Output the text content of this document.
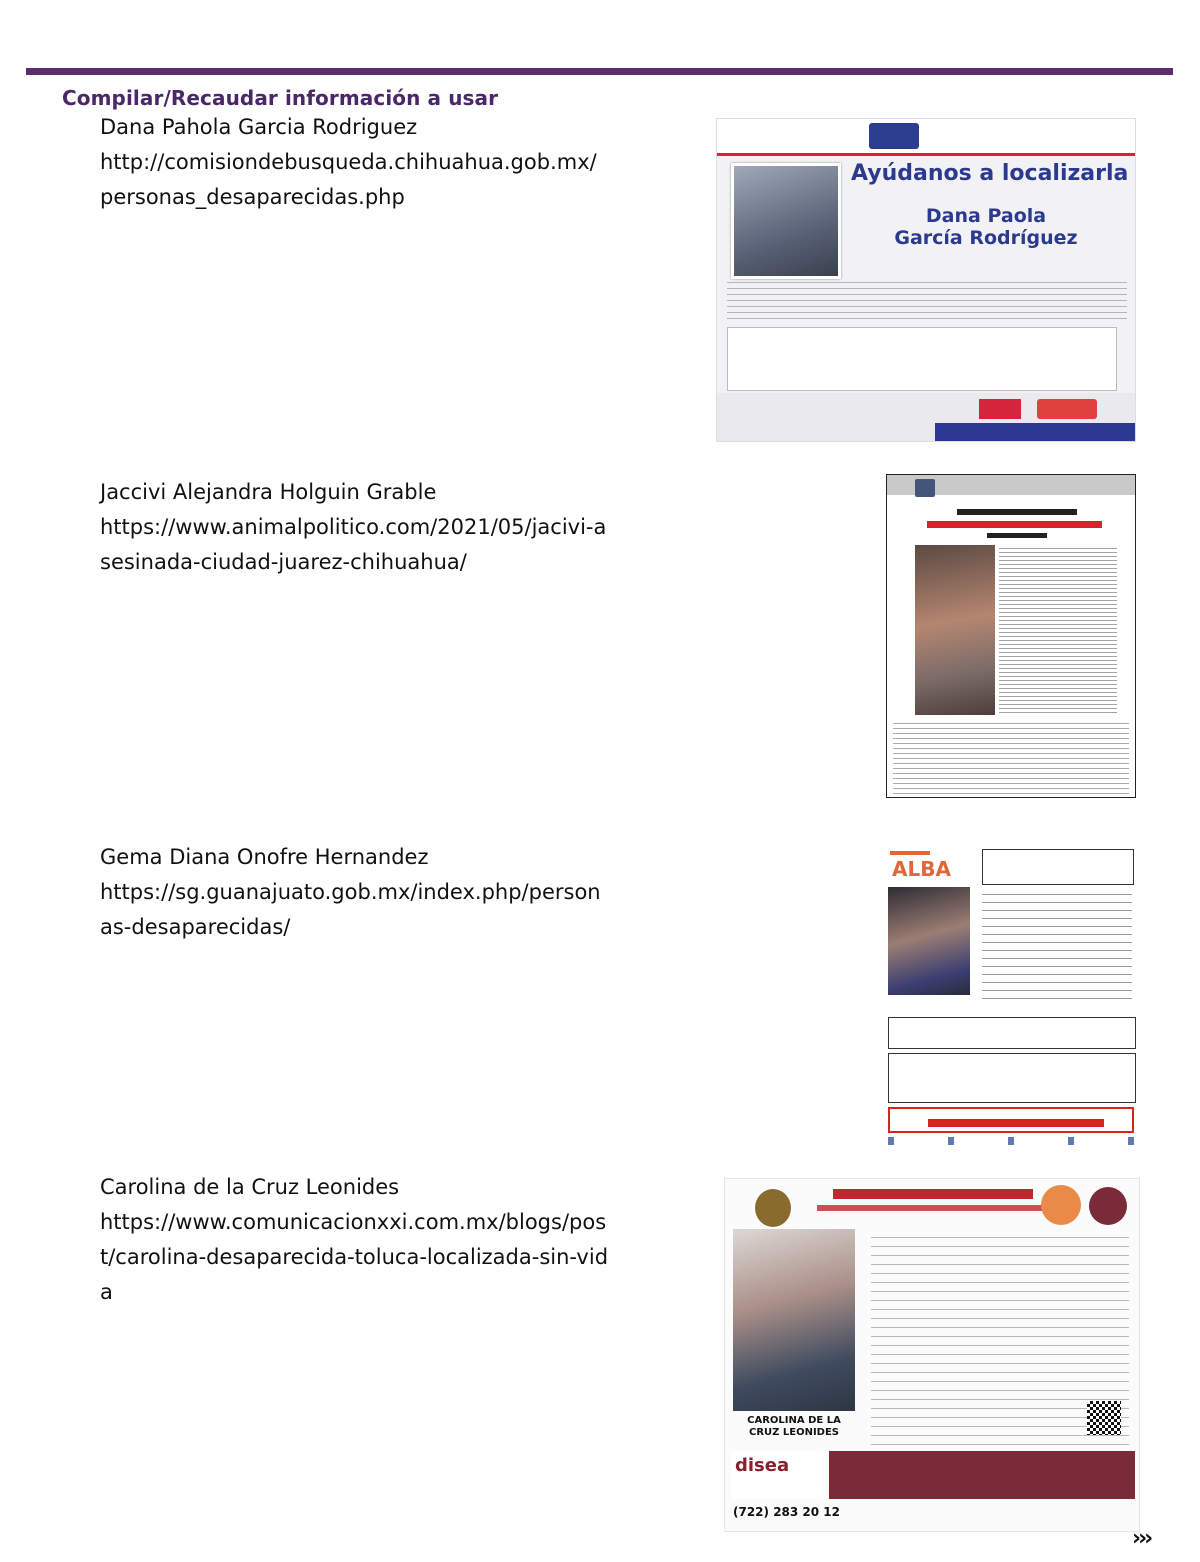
Compilar/Recaudar información a usar
Dana Pahola Garcia Rodriguez
http://comisiondebusqueda.chihuahua.gob.mx/personas_desaparecidas.php
Ayúdanos a localizarla
Dana Paola
García Rodríguez
Jaccivi Alejandra Holguin Grable
https://www.animalpolitico.com/2021/05/jacivi-asesinada-ciudad-juarez-chihuahua/
Gema Diana Onofre Hernandez
https://sg.guanajuato.gob.mx/index.php/personas-desaparecidas/
ALBA
Carolina de la Cruz Leonides
https://www.comunicacionxxi.com.mx/blogs/post/carolina-desaparecida-toluca-localizada-sin-vida
CAROLINA DE LA CRUZ LEONIDES
disea
(722) 283 20 12
›››
